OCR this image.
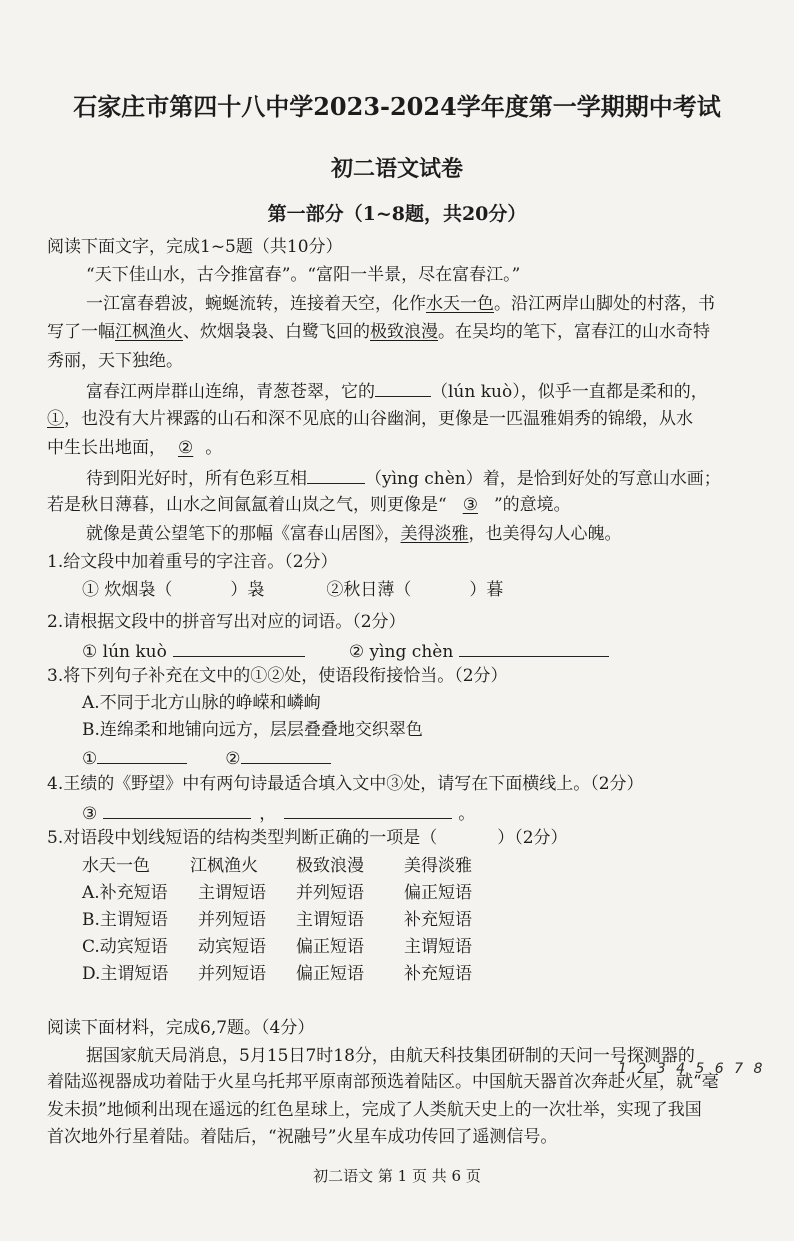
石家庄市第四十八中学2023-2024学年度第一学期期中考试
初二语文试卷
第一部分（1~8题，共20分）
阅读下面文字，完成1~5题（共10分）
“天下佳山水，古今推富春”。“富阳一半景，尽在富春江。”
一江富春碧波，蜿蜒流转，连接着天空，化作水天一色。沿江两岸山脚处的村落，书
写了一幅江枫渔火、炊烟袅袅、白鹭飞回的极致浪漫。在吴均的笔下，富春江的山水奇特
秀丽，天下独绝。
富春江两岸群山连绵，青葱苍翠，它的	（lún kuò），似乎一直都是柔和的，
①，也没有大片裸露的山石和深不见底的山谷幽涧，更像是一匹温雅娟秀的锦缎，从水
中生长出地面， ② 。
待到阳光好时，所有色彩互相	（yìng chèn）着，是恰到好处的写意山水画；
若是秋日薄暮，山水之间氤氲着山岚之气，则更像是“ ③ ”的意境。
就像是黄公望笔下的那幅《富春山居图》，美得淡雅，也美得勾人心魄。
1.给文段中加着重号的字注音。（2分）
① 炊烟袅（	）袅	②秋日薄（	）暮
2.请根据文段中的拼音写出对应的词语。（2分）
① lún kuò	② yìng chèn
3.将下列句子补充在文中的①②处，使语段衔接恰当。（2分）
A.不同于北方山脉的峥嵘和嶙峋
B.连绵柔和地铺向远方，层层叠叠地交织翠色
①	②
4.王绩的《野望》中有两句诗最适合填入文中③处，请写在下面横线上。（2分）
③	，	。
5.对语段中划线短语的结构类型判断正确的一项是（	）（2分）
水天一色 江枫渔火 极致浪漫 美得淡雅
A.补充短语 主谓短语 并列短语 偏正短语
B.主谓短语 并列短语 主谓短语 补充短语
C.动宾短语 动宾短语 偏正短语 主谓短语
D.主谓短语 并列短语 偏正短语 补充短语
阅读下面材料，完成6,7题。（4分）
据国家航天局消息，5月15日7时18分，由航天科技集团研制的天问一号探测器的
1 2 3 4 5 6 7 8
着陆巡视器成功着陆于火星乌托邦平原南部预选着陆区。中国航天器首次奔赴火星，就“毫
发未损”地倾利出现在遥远的红色星球上，完成了人类航天史上的一次壮举，实现了我国
首次地外行星着陆。着陆后，“祝融号”火星车成功传回了遥测信号。
初二语文 第 1 页 共 6 页
